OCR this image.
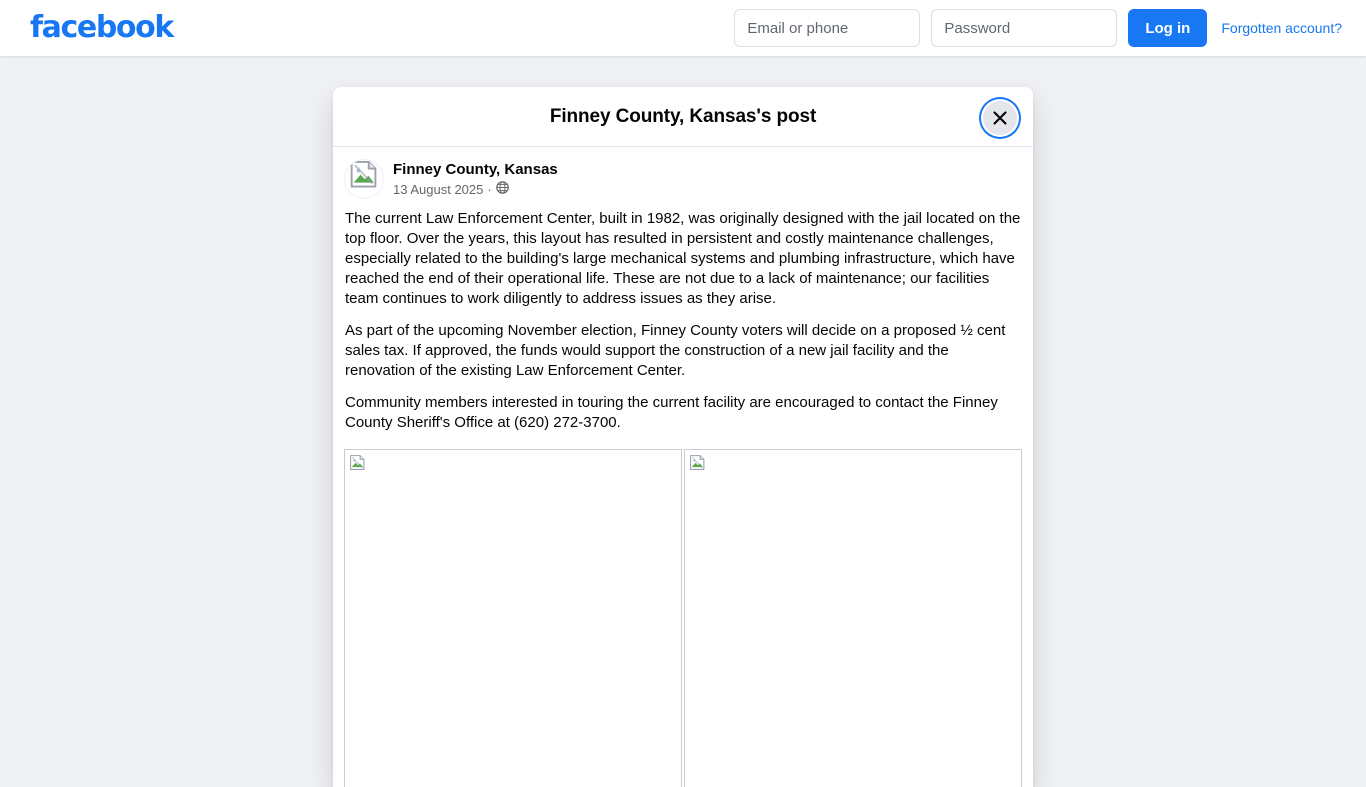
facebook
Email or phone	Log in	Forgotten account?
Finney County, Kansas's post
Finney County, Kansas
13 August 2025 ·

The current Law Enforcement Center, built in 1982, was originally designed with the jail located on the top floor. Over the years, this layout has resulted in persistent and costly maintenance challenges, especially related to the building's large mechanical systems and plumbing infrastructure, which have reached the end of their operational life. These are not due to a lack of maintenance; our facilities team continues to work diligently to address issues as they arise.

As part of the upcoming November election, Finney County voters will decide on a proposed ½ cent sales tax. If approved, the funds would support the construction of a new jail facility and the renovation of the existing Law Enforcement Center.

Community members interested in touring the current facility are encouraged to contact the Finney County Sheriff's Office at (620) 272-3700.
